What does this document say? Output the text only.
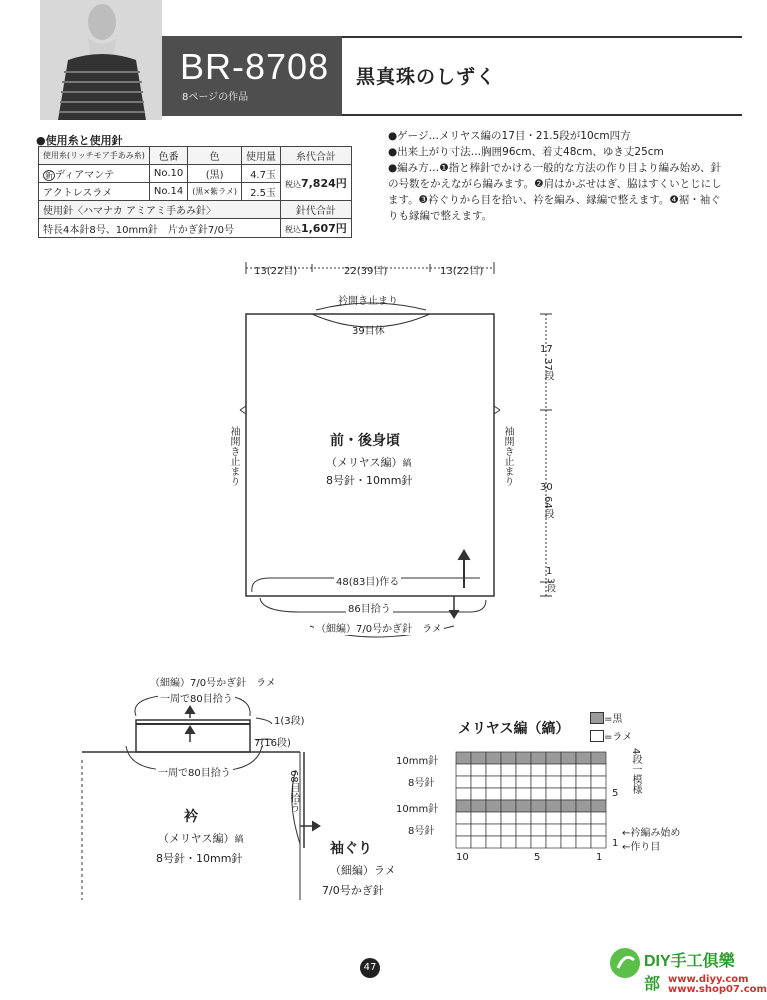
BR-8708
8ページの作品
黒真珠のしずく
●使用糸と使用針
使用糸(リッチモア手あみ糸)	色番	色	使用量	糸代合計
新 ディアマンテ	No.10	(黒)	4.7玉	税込7,824円
アクトレスラメ	No.14	(黒×紫ラメ)	2.5玉	
使用針〈ハマナカ アミアミ手あみ針〉				針代合計
特長4本針8号、10mm針　片かぎ針7/0号				税込1,607円
●ゲージ…メリヤス編の17目・21.5段が10cm四方
●出来上がり寸法…胸囲96cm、着丈48cm、ゆき丈25cm
●編み方…❶指と棒針でかける一般的な方法の作り目より編み始め、針の号数をかえながら編みます。❷肩はかぶせはぎ、脇はすくいとじにします。❸衿ぐりから目を拾い、衿を編み、縁編で整えます。❹裾・袖ぐりも縁編で整えます。
13(22目)	22(39目)	13(22目)
衿開き止まり
39目休
17
37段
30
64段
1
3段
袖開き止まり	袖開き止まり
前・後身頃
（メリヤス編）縞
8号針・10mm針
48(83目)作る
86目拾う
（細編）7/0号かぎ針　ラメ
（細編）7/0号かぎ針　ラメ
一周で80目拾う
一周で80目拾う
1(3段)
7(16段)
衿
（メリヤス編）縞
8号針・10mm針
68目拾う
袖ぐり
（細編）ラメ
7/0号かぎ針
メリヤス編（縞）
=黒
=ラメ
10mm針
8号針
10mm針
8号針
4段一模様
5
1
10	5	1
←衿編み始め
←作り目
47	DIY手工俱樂部 www.diyy.com
www.shop07.com
